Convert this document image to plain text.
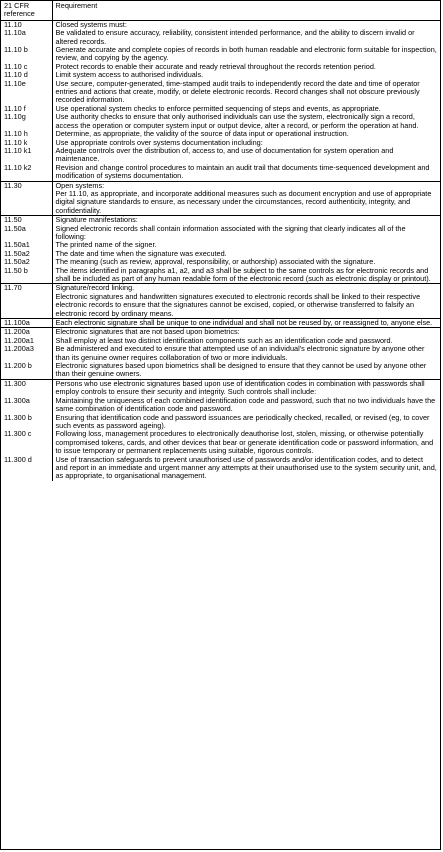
21 CFR reference	Requirement
11.10	Closed systems must:

11.10a	Be validated to ensure accuracy, reliability, consistent intended performance, and the ability to discern invalid or altered records.

11.10 b	Generate accurate and complete copies of records in both human readable and electronic form suitable for inspection, review, and copying by the agency.

11.10 c	Protect records to enable their accurate and ready retrieval throughout the records retention period.

11.10 d	Limit system access to authorised individuals.

11.10e	Use secure, computer-generated, time-stamped audit trails to independently record the date and time of operator entries and actions that create, modify, or delete electronic records. Record changes shall not obscure previously recorded information.

11.10 f	Use operational system checks to enforce permitted sequencing of steps and events, as appropriate.

11.10g	Use authority checks to ensure that only authorised individuals can use the system, electronically sign a record, access the operation or computer system input or output device, alter a record, or perform the operation at hand.

11.10 h	Determine, as appropriate, the validity of the source of data input or operational instruction.

11.10 k	Use appropriate controls over systems documentation including:

11.10 k1	Adequate controls over the distribution of, access to, and use of documentation for system operation and maintenance.

11.10 k2	Revision and change control procedures to maintain an audit trail that documents time-sequenced development and modification of systems documentation.

11.30	Open systems:
Per 11.10, as appropriate, and incorporate additional measures such as document encryption and use of appropriate digital signature standards to ensure, as necessary under the circumstances, record authenticity, integrity, and confidentiality.

11.50	Signature manifestations:

11.50a	Signed electronic records shall contain information associated with the signing that clearly indicates all of the following:

11.50a1	The printed name of the signer.

11.50a2	The date and time when the signature was executed.

11.50a2	The meaning (such as review, approval, responsibility, or authorship) associated with the signature.

11.50 b	The items identified in paragraphs a1, a2, and a3 shall be subject to the same controls as for electronic records and shall be included as part of any human readable form of the electronic record (such as electronic display or printout).

11.70	Signature/record linking.
Electronic signatures and handwritten signatures executed to electronic records shall be linked to their respective electronic records to ensure that the signatures cannot be excised, copied, or otherwise transferred to falsify an electronic record by ordinary means.

11.100a	Each electronic signature shall be unique to one individual and shall not be reused by, or reassigned to, anyone else.

11.200a	Electronic signatures that are not based upon biometrics:

11.200a1	Shall employ at least two distinct identification components such as an identification code and password.

11.200a3	Be administered and executed to ensure that attempted use of an individual's electronic signature by anyone other than its genuine owner requires collaboration of two or more individuals.

11.200 b	Electronic signatures based upon biometrics shall be designed to ensure that they cannot be used by anyone other than their genuine owners.

11.300	Persons who use electronic signatures based upon use of identification codes in combination with passwords shall employ controls to ensure their security and integrity. Such controls shall include:

11.300a	Maintaining the uniqueness of each combined identification code and password, such that no two individuals have the same combination of identification code and password.

11.300 b	Ensuring that identification code and password issuances are periodically checked, recalled, or revised (eg, to cover such events as password ageing).

11.300 c	Following loss, management procedures to electronically deauthorise lost, stolen, missing, or otherwise potentially compromised tokens, cards, and other devices that bear or generate identification code or password information, and to issue temporary or permanent replacements using suitable, rigorous controls.

11.300 d	Use of transaction safeguards to prevent unauthorised use of passwords and/or identification codes, and to detect and report in an immediate and urgent manner any attempts at their unauthorised use to the system security unit, and, as appropriate, to organisational management.
